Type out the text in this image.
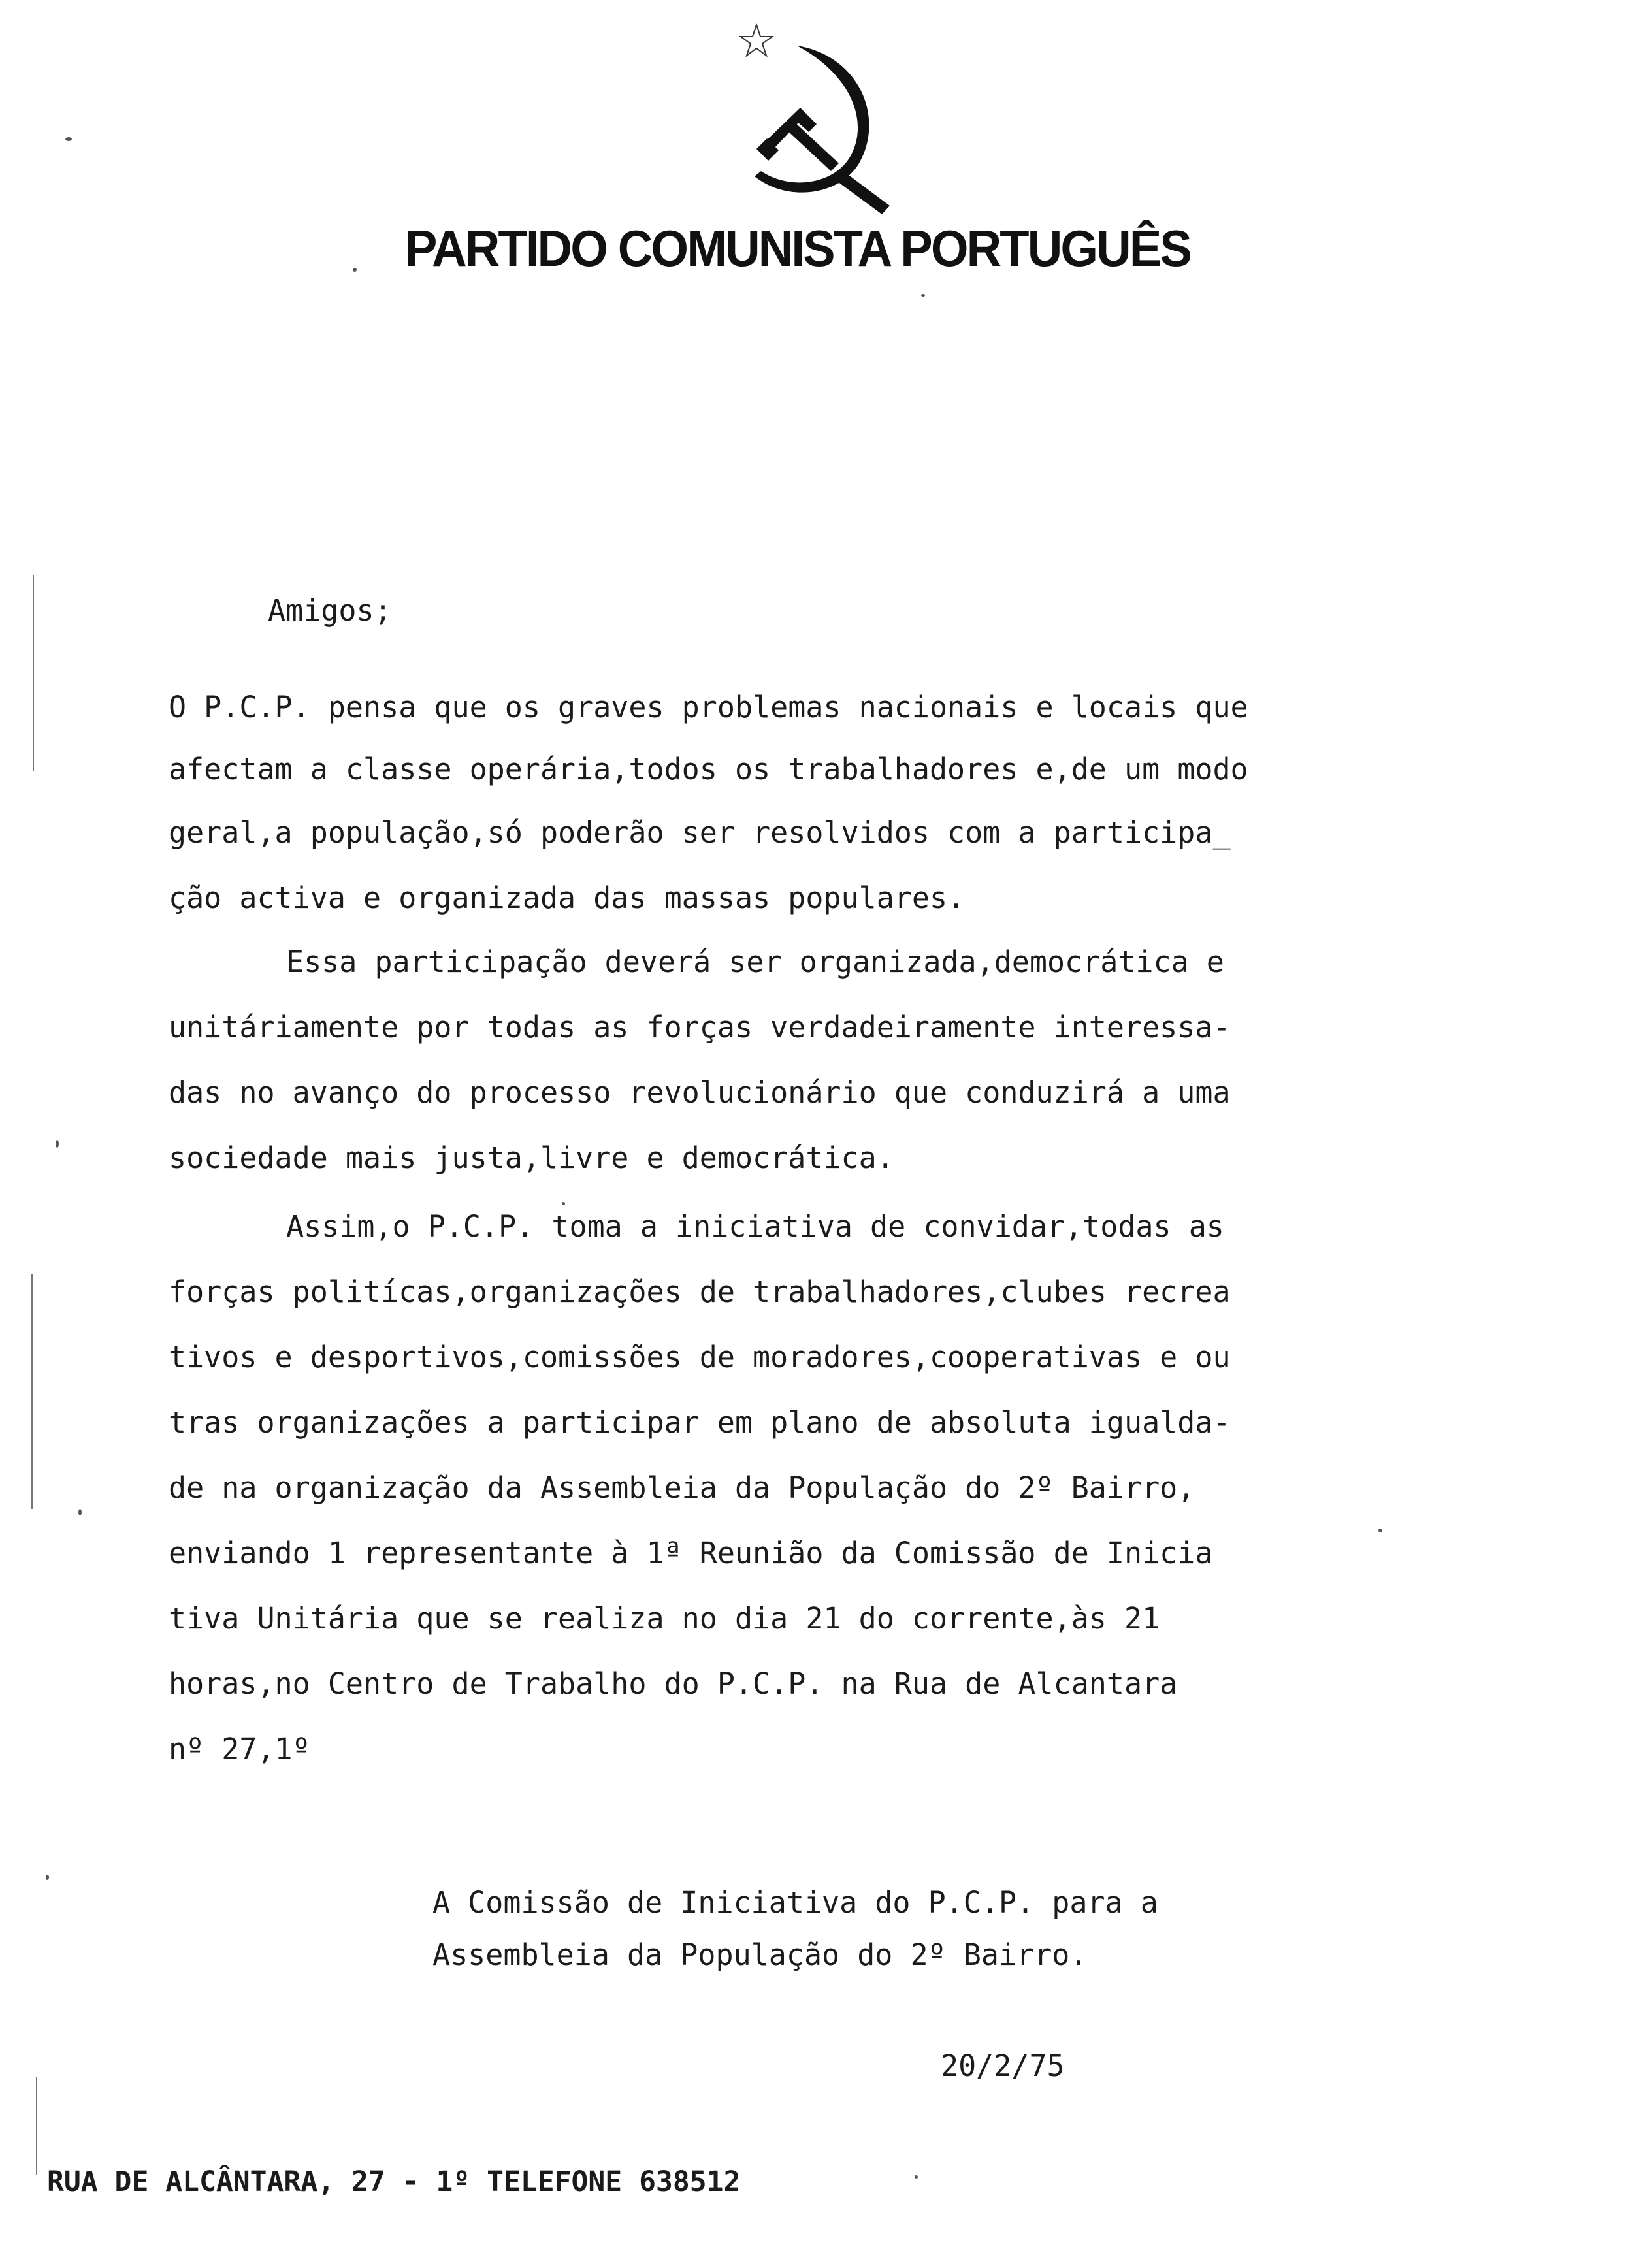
PARTIDO COMUNISTA PORTUGUÊS
Amigos;
O P.C.P. pensa que os graves problemas nacionais e locais que
afectam a classe operária,todos os trabalhadores e,de um modo
geral,a população,só poderão ser resolvidos com a participa_
ção activa e organizada das massas populares.
Essa participação deverá ser organizada,democrática e
unitáriamente por todas as forças verdadeiramente interessa-
das no avanço do processo revolucionário que conduzirá a uma
sociedade mais justa,livre e democrática.
Assim,o P.C.P. toma a iniciativa de convidar,todas as
forças politícas,organizações de trabalhadores,clubes recrea
tivos e desportivos,comissões de moradores,cooperativas e ou
tras organizações a participar em plano de absoluta igualda-
de na organização da Assembleia da População do 2º Bairro,
enviando 1 representante à 1ª Reunião da Comissão de Inicia
tiva Unitária que se realiza no dia 21 do corrente,às 21
horas,no Centro de Trabalho do P.C.P. na Rua de Alcantara
nº 27,1º
A Comissão de Iniciativa do P.C.P. para a
Assembleia da População do 2º Bairro.
20/2/75
RUA DE ALCÂNTARA, 27 - 1º TELEFONE 638512
